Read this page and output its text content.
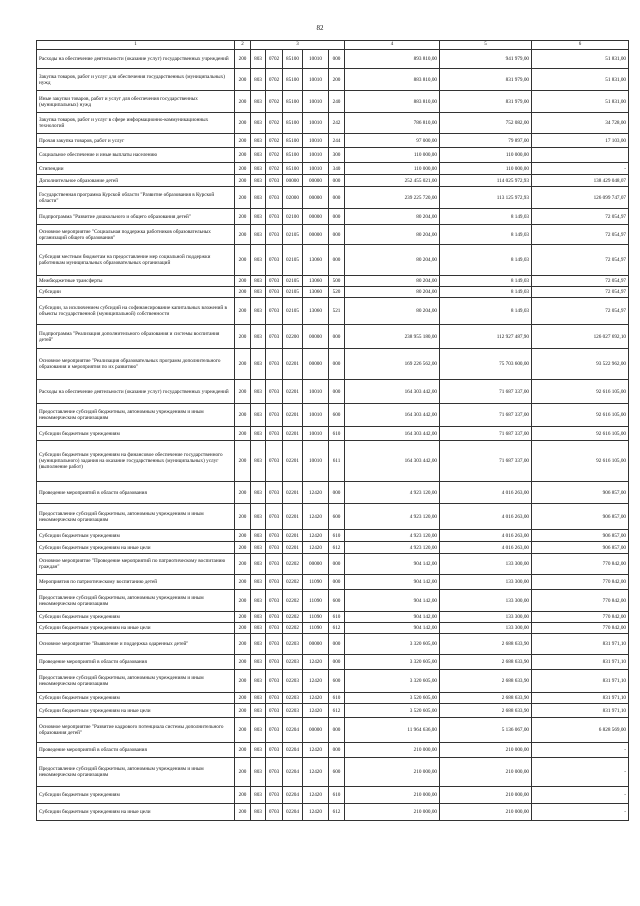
82
1	2	3					4	5	6
Расходы на обеспечение деятельности (оказание услуг) государственных учреждений	200	803	0702	85100	10010	000	893 810,00	941 979,00	51 831,00
Закупка товаров, работ и услуг для обеспечения государственных (муниципальных) нужд	200	803	0702	85100	10010	200	883 810,00	831 979,00	51 831,00
Иные закупки товаров, работ и услуг для обеспечения государственных (муниципальных) нужд	200	803	0702	85100	10010	240	883 810,00	831 979,00	51 831,00
Закупка товаров, работ и услуг в сфере информационно-коммуникационных технологий	200	803	0702	85100	10010	242	786 810,00	752 082,00	34 728,00
Прочая закупка товаров, работ и услуг	200	803	0702	85100	10010	244	97 000,00	79 897,00	17 103,00
Социальное обеспечение и иные выплаты населению	200	803	0702	85100	10010	300	110 000,00	110 000,00	
Стипендии	200	803	0702	85100	10010	340	110 000,00	110 000,00	-
Дополнительное образование детей	200	803	0703	00000	00000	000	252 455 021,00	114 025 972,93	138 429 048,07
Государственная программа Курской области "Развитие образования в Курской области"	200	803	0703	02000	00000	000	239 225 720,00	113 125 972,93	126 099 747,07
Подпрограмма "Развитие дошкольного и общего образования детей"	200	803	0703	02100	00000	000	80 204,00	8 149,03	72 054,97
Основное мероприятие "Социальная поддержка работников образовательных организаций общего образования"	200	803	0703	02105	00000	000	80 204,00	8 149,03	72 054,97
Субсидия местным бюджетам на предоставление мер социальной поддержки работникам муниципальных образовательных организаций	200	803	0703	02105	13060	000	80 204,00	8 149,03	72 054,97
Межбюджетные трансферты	200	803	0703	02105	13060	500	80 204,00	8 149,03	72 054,97
Субсидии	200	803	0703	02105	13060	520	80 204,00	8 149,03	72 054,97
Субсидии, за исключением субсидий на софинансирование капитальных вложений в объекты государственной (муниципальной) собственности	200	803	0703	02105	13060	521	80 204,00	8 149,03	72 054,97
Подпрограмма "Реализация дополнительного образования и системы воспитания детей"	200	803	0703	02200	00000	000	238 955 180,00	112 927 487,90	126 027 692,10
Основное мероприятие "Реализация образовательных программ дополнительного образования и мероприятия по их развитию"	200	803	0703	02201	00000	000	169 226 562,00	75 703 600,00	93 522 962,00
Расходы на обеспечение деятельности (оказание услуг) государственных учреждений	200	803	0703	02201	10010	000	164 303 442,00	71 687 337,00	92 616 105,00
Предоставление субсидий бюджетным, автономным учреждениям и иным некоммерческим организациям	200	803	0703	02201	10010	600	164 303 442,00	71 687 337,00	92 616 105,00
Субсидии бюджетным учреждениям	200	803	0703	02201	10010	610	164 303 442,00	71 687 337,00	92 616 105,00
Субсидии бюджетным учреждениям на финансовое обеспечение государственного (муниципального) задания на оказание государственных (муниципальных) услуг (выполнение работ)	200	803	0703	02201	10010	611	164 303 442,00	71 687 337,00	92 616 105,00
Проведение мероприятий в области образования	200	803	0703	02201	12420	000	4 923 120,00	4 016 263,00	906 857,00
Предоставление субсидий бюджетным, автономным учреждениям и иным некоммерческим организациям	200	803	0703	02201	12420	600	4 923 120,00	4 016 263,00	906 857,00
Субсидии бюджетным учреждениям	200	803	0703	02201	12420	610	4 923 120,00	4 016 263,00	906 857,00
Субсидии бюджетным учреждениям на иные цели	200	803	0703	02201	12420	612	4 923 120,00	4 016 263,00	906 857,00
Основное мероприятие "Проведение мероприятий по патриотическому воспитанию граждан"	200	803	0703	02202	00000	000	904 142,00	133 300,00	770 842,00
Мероприятия по патриотическому воспитанию детей	200	803	0703	02202	11090	000	904 142,00	133 300,00	770 842,00
Предоставление субсидий бюджетным, автономным учреждениям и иным некоммерческим организациям	200	803	0703	02202	11090	600	904 142,00	133 300,00	770 842,00
Субсидии бюджетным учреждениям	200	803	0703	02202	11090	610	904 142,00	133 300,00	770 842,00
Субсидии бюджетным учреждениям на иные цели	200	803	0703	02202	11090	612	904 142,00	133 300,00	770 842,00
Основное мероприятие "Выявление и поддержка одаренных детей"	200	803	0703	02203	00000	000	3 320 605,00	2 688 633,90	831 971,10
Проведение мероприятий в области образования	200	803	0703	02203	12420	000	3 320 605,00	2 688 633,90	831 971,10
Предоставление субсидий бюджетным, автономным учреждениям и иным некоммерческим организациям	200	803	0703	02203	12420	600	3 320 605,00	2 688 633,90	831 971,10
Субсидии бюджетным учреждениям	200	803	0703	02203	12420	610	3 520 605,00	2 688 633,90	831 971,10
Субсидии бюджетным учреждениям на иные цели	200	803	0703	02203	12420	612	3 520 605,00	2 688 633,90	831 971,10
Основное мероприятие "Развитие кадрового потенциала системы дополнительного образования детей"	200	803	0703	02204	00000	000	11 964 636,00	5 136 067,00	6 828 569,00
Проведение мероприятий в области образования	200	803	0703	02204	12420	000	210 000,00	210 000,00	-
Предоставление субсидий бюджетным, автономным учреждениям и иным некоммерческим организациям	200	803	0703	02204	12420	600	210 000,00	210 000,00	-
Субсидии бюджетным учреждениям	200	803	0703	02204	12420	610	210 000,00	210 000,00	-
Субсидии бюджетным учреждениям на иные цели	200	803	0703	02204	12420	612	210 000,00	210 000,00	-
